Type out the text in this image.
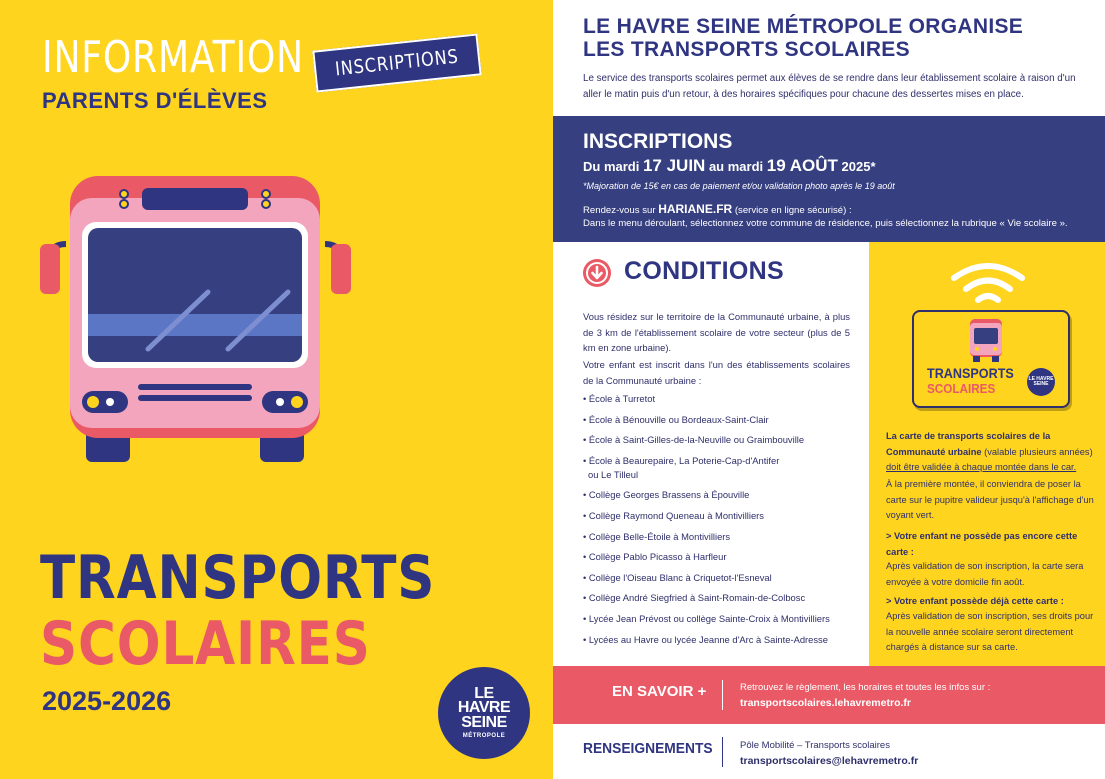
INFORMATION
PARENTS D'ÉLÈVES
INSCRIPTIONS
TRANSPORTS
SCOLAIRES
2025-2026	LE
HAVRE
SEINE
MÉTROPOLE
LE HAVRE SEINE MÉTROPOLE ORGANISE
LES TRANSPORTS SCOLAIRES
Le service des transports scolaires permet aux élèves de se rendre dans leur établissement scolaire à raison d'un aller le matin puis d'un retour, à des horaires spécifiques pour chacune des dessertes mises en place.
INSCRIPTIONS
Du mardi 17 JUIN au mardi 19 AOÛT 2025*
*Majoration de 15€ en cas de paiement et/ou validation photo après le 19 août
Rendez-vous sur HARIANE.FR (service en ligne sécurisé) :
Dans le menu déroulant, sélectionnez votre commune de résidence, puis sélectionnez la rubrique « Vie scolaire ».
CONDITIONS
Vous résidez sur le territoire de la Communauté urbaine, à plus de 3 km de l'établissement scolaire de votre secteur (plus de 5 km en zone urbaine).
Votre enfant est inscrit dans l'un des établissements scolaires de la Communauté urbaine :
• École à Turretot
• École à Bénouville ou Bordeaux-Saint-Clair
• École à Saint-Gilles-de-la-Neuville ou Graimbouville
• École à Beaurepaire, La Poterie-Cap-d'Antifer
ou Le Tilleul
• Collège Georges Brassens à Épouville
• Collège Raymond Queneau à Montivilliers
• Collège Belle-Étoile à Montivilliers
• Collège Pablo Picasso à Harfleur
• Collège l'Oiseau Blanc à Criquetot-l'Esneval
• Collège André Siegfried à Saint-Romain-de-Colbosc
• Lycée Jean Prévost ou collège Sainte-Croix à Montivilliers
• Lycées au Havre ou lycée Jeanne d'Arc à Sainte-Adresse
TRANSPORTS
SCOLAIRES
LE HAVRE SEINE
La carte de transports scolaires de la Communauté urbaine (valable plusieurs années) doit être validée à chaque montée dans le car.
À la première montée, il conviendra de poser la carte sur le pupitre valideur jusqu'à l'affichage d'un voyant vert.
> Votre enfant ne possède pas encore cette carte :
Après validation de son inscription, la carte sera envoyée à votre domicile fin août.
> Votre enfant possède déjà cette carte :
Après validation de son inscription, ses droits pour la nouvelle année scolaire seront directement chargés à distance sur sa carte.
EN SAVOIR +	Retrouvez le règlement, les horaires et toutes les infos sur :
transportscolaires.lehavremetro.fr
RENSEIGNEMENTS	Pôle Mobilité – Transports scolaires
transportscolaires@lehavremetro.fr
